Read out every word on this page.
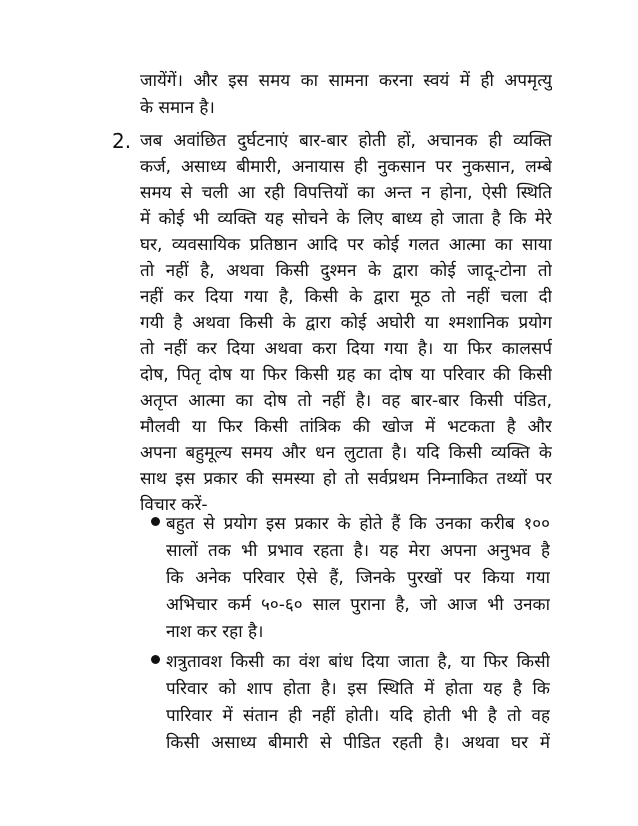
जायेंगें। और इस समय का सामना करना स्वयं में ही अपमृत्यु
के समान है।
2. जब अवांछित दुर्घटनाएं बार-बार होती हों, अचानक ही व्यक्ति
कर्ज, असाध्य बीमारी, अनायास ही नुकसान पर नुकसान, लम्बे
समय से चली आ रही विपत्तियों का अन्त न होना, ऐसी स्थिति
में कोई भी व्यक्ति यह सोचने के लिए बाध्य हो जाता है कि मेरे
घर, व्यवसायिक प्रतिष्ठान आदि पर कोई गलत आत्मा का साया
तो नहीं है, अथवा किसी दुश्मन के द्वारा कोई जादू-टोना तो
नहीं कर दिया गया है, किसी के द्वारा मूठ तो नहीं चला दी
गयी है अथवा किसी के द्वारा कोई अघोरी या श्मशानिक प्रयोग
तो नहीं कर दिया अथवा करा दिया गया है। या फिर कालसर्प
दोष, पितृ दोष या फिर किसी ग्रह का दोष या परिवार की किसी
अतृप्त आत्मा का दोष तो नहीं है। वह बार-बार किसी पंडित,
मौलवी या फिर किसी तांत्रिक की खोज में भटकता है और
अपना बहुमूल्य समय और धन लुटाता है। यदि किसी व्यक्ति के
साथ इस प्रकार की समस्या हो तो सर्वप्रथम निम्नाकित तथ्यों पर
विचार करें-
बहुत से प्रयोग इस प्रकार के होते हैं कि उनका करीब १००
सालों तक भी प्रभाव रहता है। यह मेरा अपना अनुभव है
कि अनेक परिवार ऐसे हैं, जिनके पुरखों पर किया गया
अभिचार कर्म ५०-६० साल पुराना है, जो आज भी उनका
नाश कर रहा है।
शत्रुतावश किसी का वंश बांध दिया जाता है, या फिर किसी
परिवार को शाप होता है। इस स्थिति में होता यह है कि
पारिवार में संतान ही नहीं होती। यदि होती भी है तो वह
किसी असाध्य बीमारी से पीडित रहती है। अथवा घर में
